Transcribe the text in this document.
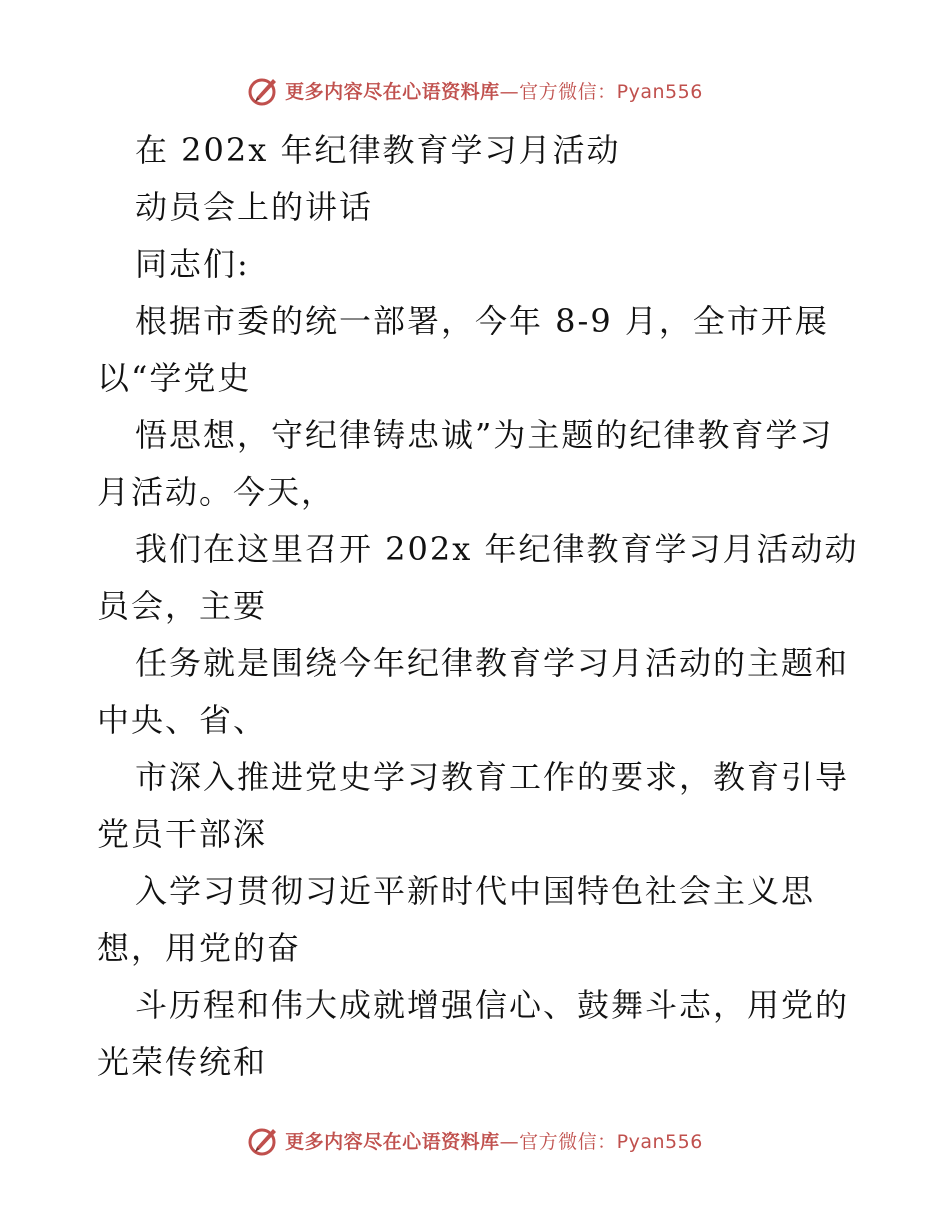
更多内容尽在心语资料库—官方微信：Pyan556
在 202x 年纪律教育学习月活动
动员会上的讲话
同志们:
根据市委的统一部署，今年 8-9 月，全市开展
以“学党史
悟思想，守纪律铸忠诚”为主题的纪律教育学习
月活动。今天，
我们在这里召开 202x 年纪律教育学习月活动动
员会，主要
任务就是围绕今年纪律教育学习月活动的主题和
中央、省、
市深入推进党史学习教育工作的要求，教育引导
党员干部深
入学习贯彻习近平新时代中国特色社会主义思
想，用党的奋
斗历程和伟大成就增强信心、鼓舞斗志，用党的
光荣传统和
更多内容尽在心语资料库—官方微信：Pyan556
